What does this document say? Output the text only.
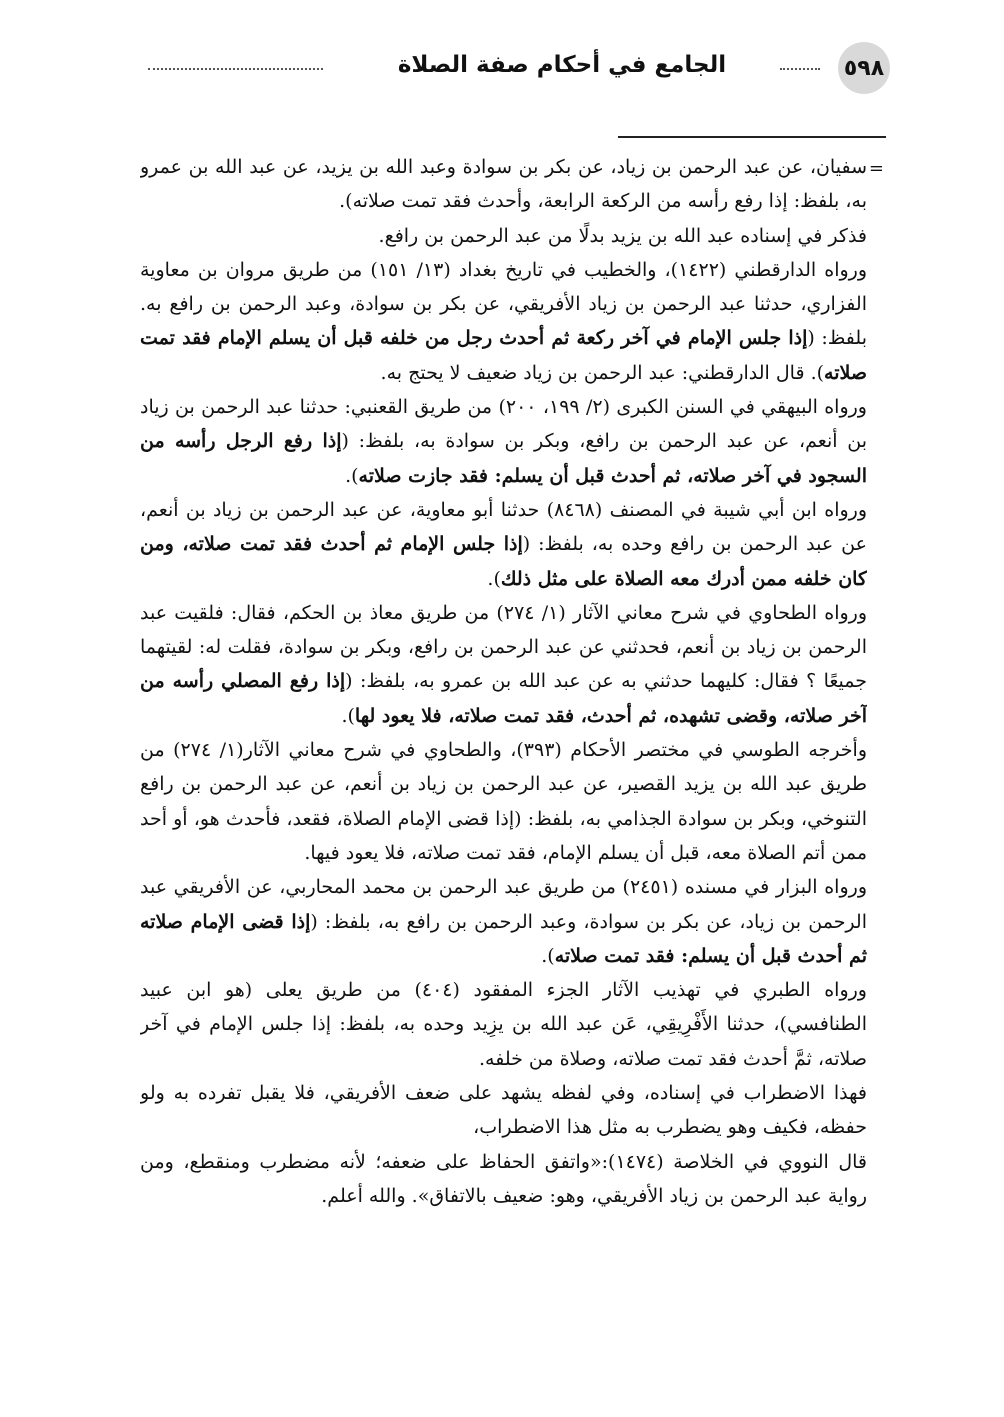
الجامع في أحكام صفة الصلاة	٥٩٨
=

سفيان، عن عبد الرحمن بن زياد، عن بكر بن سوادة وعبد الله بن يزيد، عن عبد الله بن عمرو به، بلفظ: إذا رفع رأسه من الركعة الرابعة، وأحدث فقد تمت صلاته).

فذكر في إسناده عبد الله بن يزيد بدلًا من عبد الرحمن بن رافع.

ورواه الدارقطني (١٤٢٢)، والخطيب في تاريخ بغداد (١٣/ ١٥١) من طريق مروان بن معاوية الفزاري، حدثنا عبد الرحمن بن زياد الأفريقي، عن بكر بن سوادة، وعبد الرحمن بن رافع به. بلفظ: (إذا جلس الإمام في آخر ركعة ثم أحدث رجل من خلفه قبل أن يسلم الإمام فقد تمت صلاته). قال الدارقطني: عبد الرحمن بن زياد ضعيف لا يحتج به.

ورواه البيهقي في السنن الكبرى (٢/ ١٩٩، ٢٠٠) من طريق القعنبي: حدثنا عبد الرحمن بن زياد بن أنعم، عن عبد الرحمن بن رافع، وبكر بن سوادة به، بلفظ: (إذا رفع الرجل رأسه من السجود في آخر صلاته، ثم أحدث قبل أن يسلم: فقد جازت صلاته).

ورواه ابن أبي شيبة في المصنف (٨٤٦٨) حدثنا أبو معاوية، عن عبد الرحمن بن زياد بن أنعم، عن عبد الرحمن بن رافع وحده به، بلفظ: (إذا جلس الإمام ثم أحدث فقد تمت صلاته، ومن كان خلفه ممن أدرك معه الصلاة على مثل ذلك).

ورواه الطحاوي في شرح معاني الآثار (١/ ٢٧٤) من طريق معاذ بن الحكم، فقال: فلقيت عبد الرحمن بن زياد بن أنعم، فحدثني عن عبد الرحمن بن رافع، وبكر بن سوادة، فقلت له: لقيتهما جميعًا ؟ فقال: كليهما حدثني به عن عبد الله بن عمرو به، بلفظ: (إذا رفع المصلي رأسه من آخر صلاته، وقضى تشهده، ثم أحدث، فقد تمت صلاته، فلا يعود لها).

وأخرجه الطوسي في مختصر الأحكام (٣٩٣)، والطحاوي في شرح معاني الآثار(١/ ٢٧٤) من طريق عبد الله بن يزيد القصير، عن عبد الرحمن بن زياد بن أنعم، عن عبد الرحمن بن رافع التنوخي، وبكر بن سوادة الجذامي به، بلفظ: (إذا قضى الإمام الصلاة، فقعد، فأحدث هو، أو أحد ممن أتم الصلاة معه، قبل أن يسلم الإمام، فقد تمت صلاته، فلا يعود فيها.

ورواه البزار في مسنده (٢٤٥١) من طريق عبد الرحمن بن محمد المحاربي، عن الأفريقي عبد الرحمن بن زياد، عن بكر بن سوادة، وعبد الرحمن بن رافع به، بلفظ: (إذا قضى الإمام صلاته ثم أحدث قبل أن يسلم: فقد تمت صلاته).

ورواه الطبري في تهذيب الآثار الجزء المفقود (٤٠٤) من طريق يعلى (هو ابن عبيد الطنافسي)، حدثنا الأَفْرِيقِي، عَن عبد الله بن يزِيد وحده به، بلفظ: إذا جلس الإمام في آخر صلاته، ثمَّ أحدث فقد تمت صلاته، وصلاة من خلفه.

فهذا الاضطراب في إسناده، وفي لفظه يشهد على ضعف الأفريقي، فلا يقبل تفرده به ولو حفظه، فكيف وهو يضطرب به مثل هذا الاضطراب،

قال النووي في الخلاصة (١٤٧٤):«واتفق الحفاظ على ضعفه؛ لأنه مضطرب ومنقطع، ومن رواية عبد الرحمن بن زياد الأفريقي، وهو: ضعيف بالاتفاق». والله أعلم.
